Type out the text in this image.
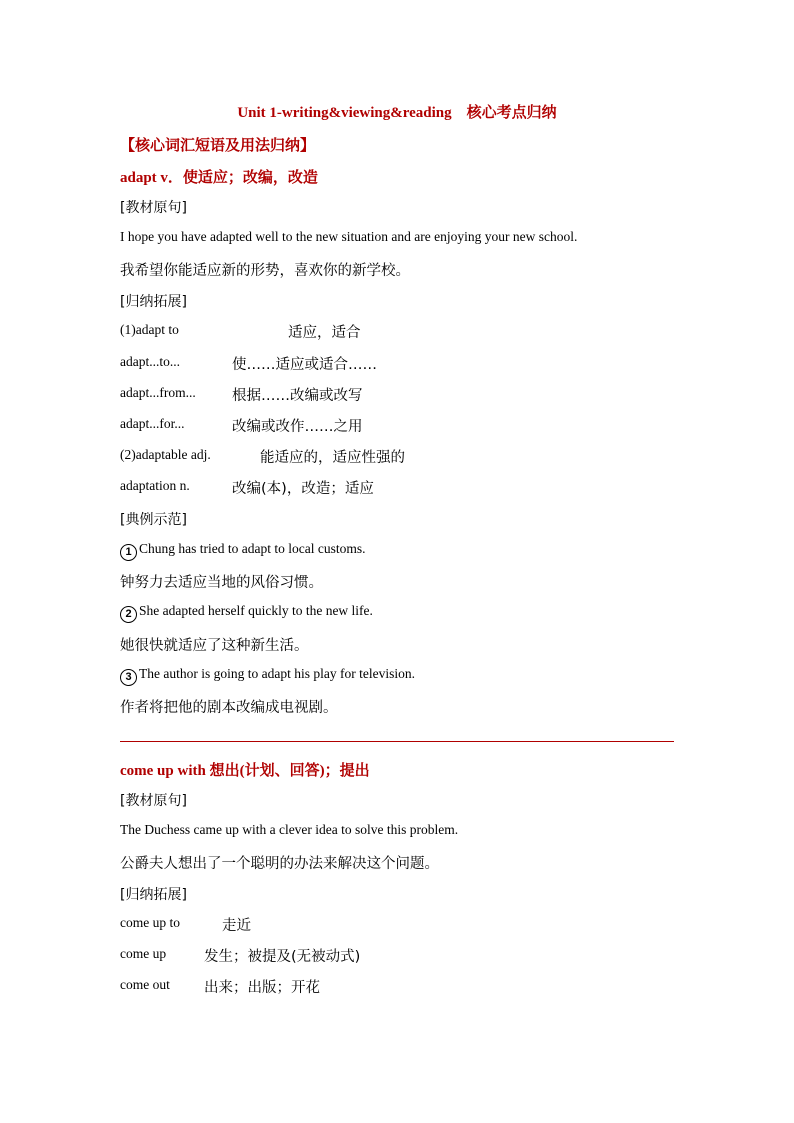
Unit 1-writing&viewing&reading　核心考点归纳
【核心词汇短语及用法归纳】
adapt v．使适应；改编，改造
[教材原句]
I hope you have adapted well to the new situation and are enjoying your new school.
我希望你能适应新的形势，喜欢你的新学校。
[归纳拓展]
(1)adapt to	适应，适合
adapt...to...	使……适应或适合……
adapt...from...	根据……改编或改写
adapt...for...	改编或改作……之用
(2)adaptable adj.	能适应的，适应性强的
adaptation n.	改编(本)，改造；适应
[典例示范]
1 Chung has tried to adapt to local customs.
钟努力去适应当地的风俗习惯。
2 She adapted herself quickly to the new life.
她很快就适应了这种新生活。
3 The author is going to adapt his play for television.
作者将把他的剧本改编成电视剧。
come up with 想出(计划、回答)；提出
[教材原句]
The Duchess came up with a clever idea to solve this problem.
公爵夫人想出了一个聪明的办法来解决这个问题。
[归纳拓展]
come up to	走近
come up	发生；被提及(无被动式)
come out 出来；出版；开花
